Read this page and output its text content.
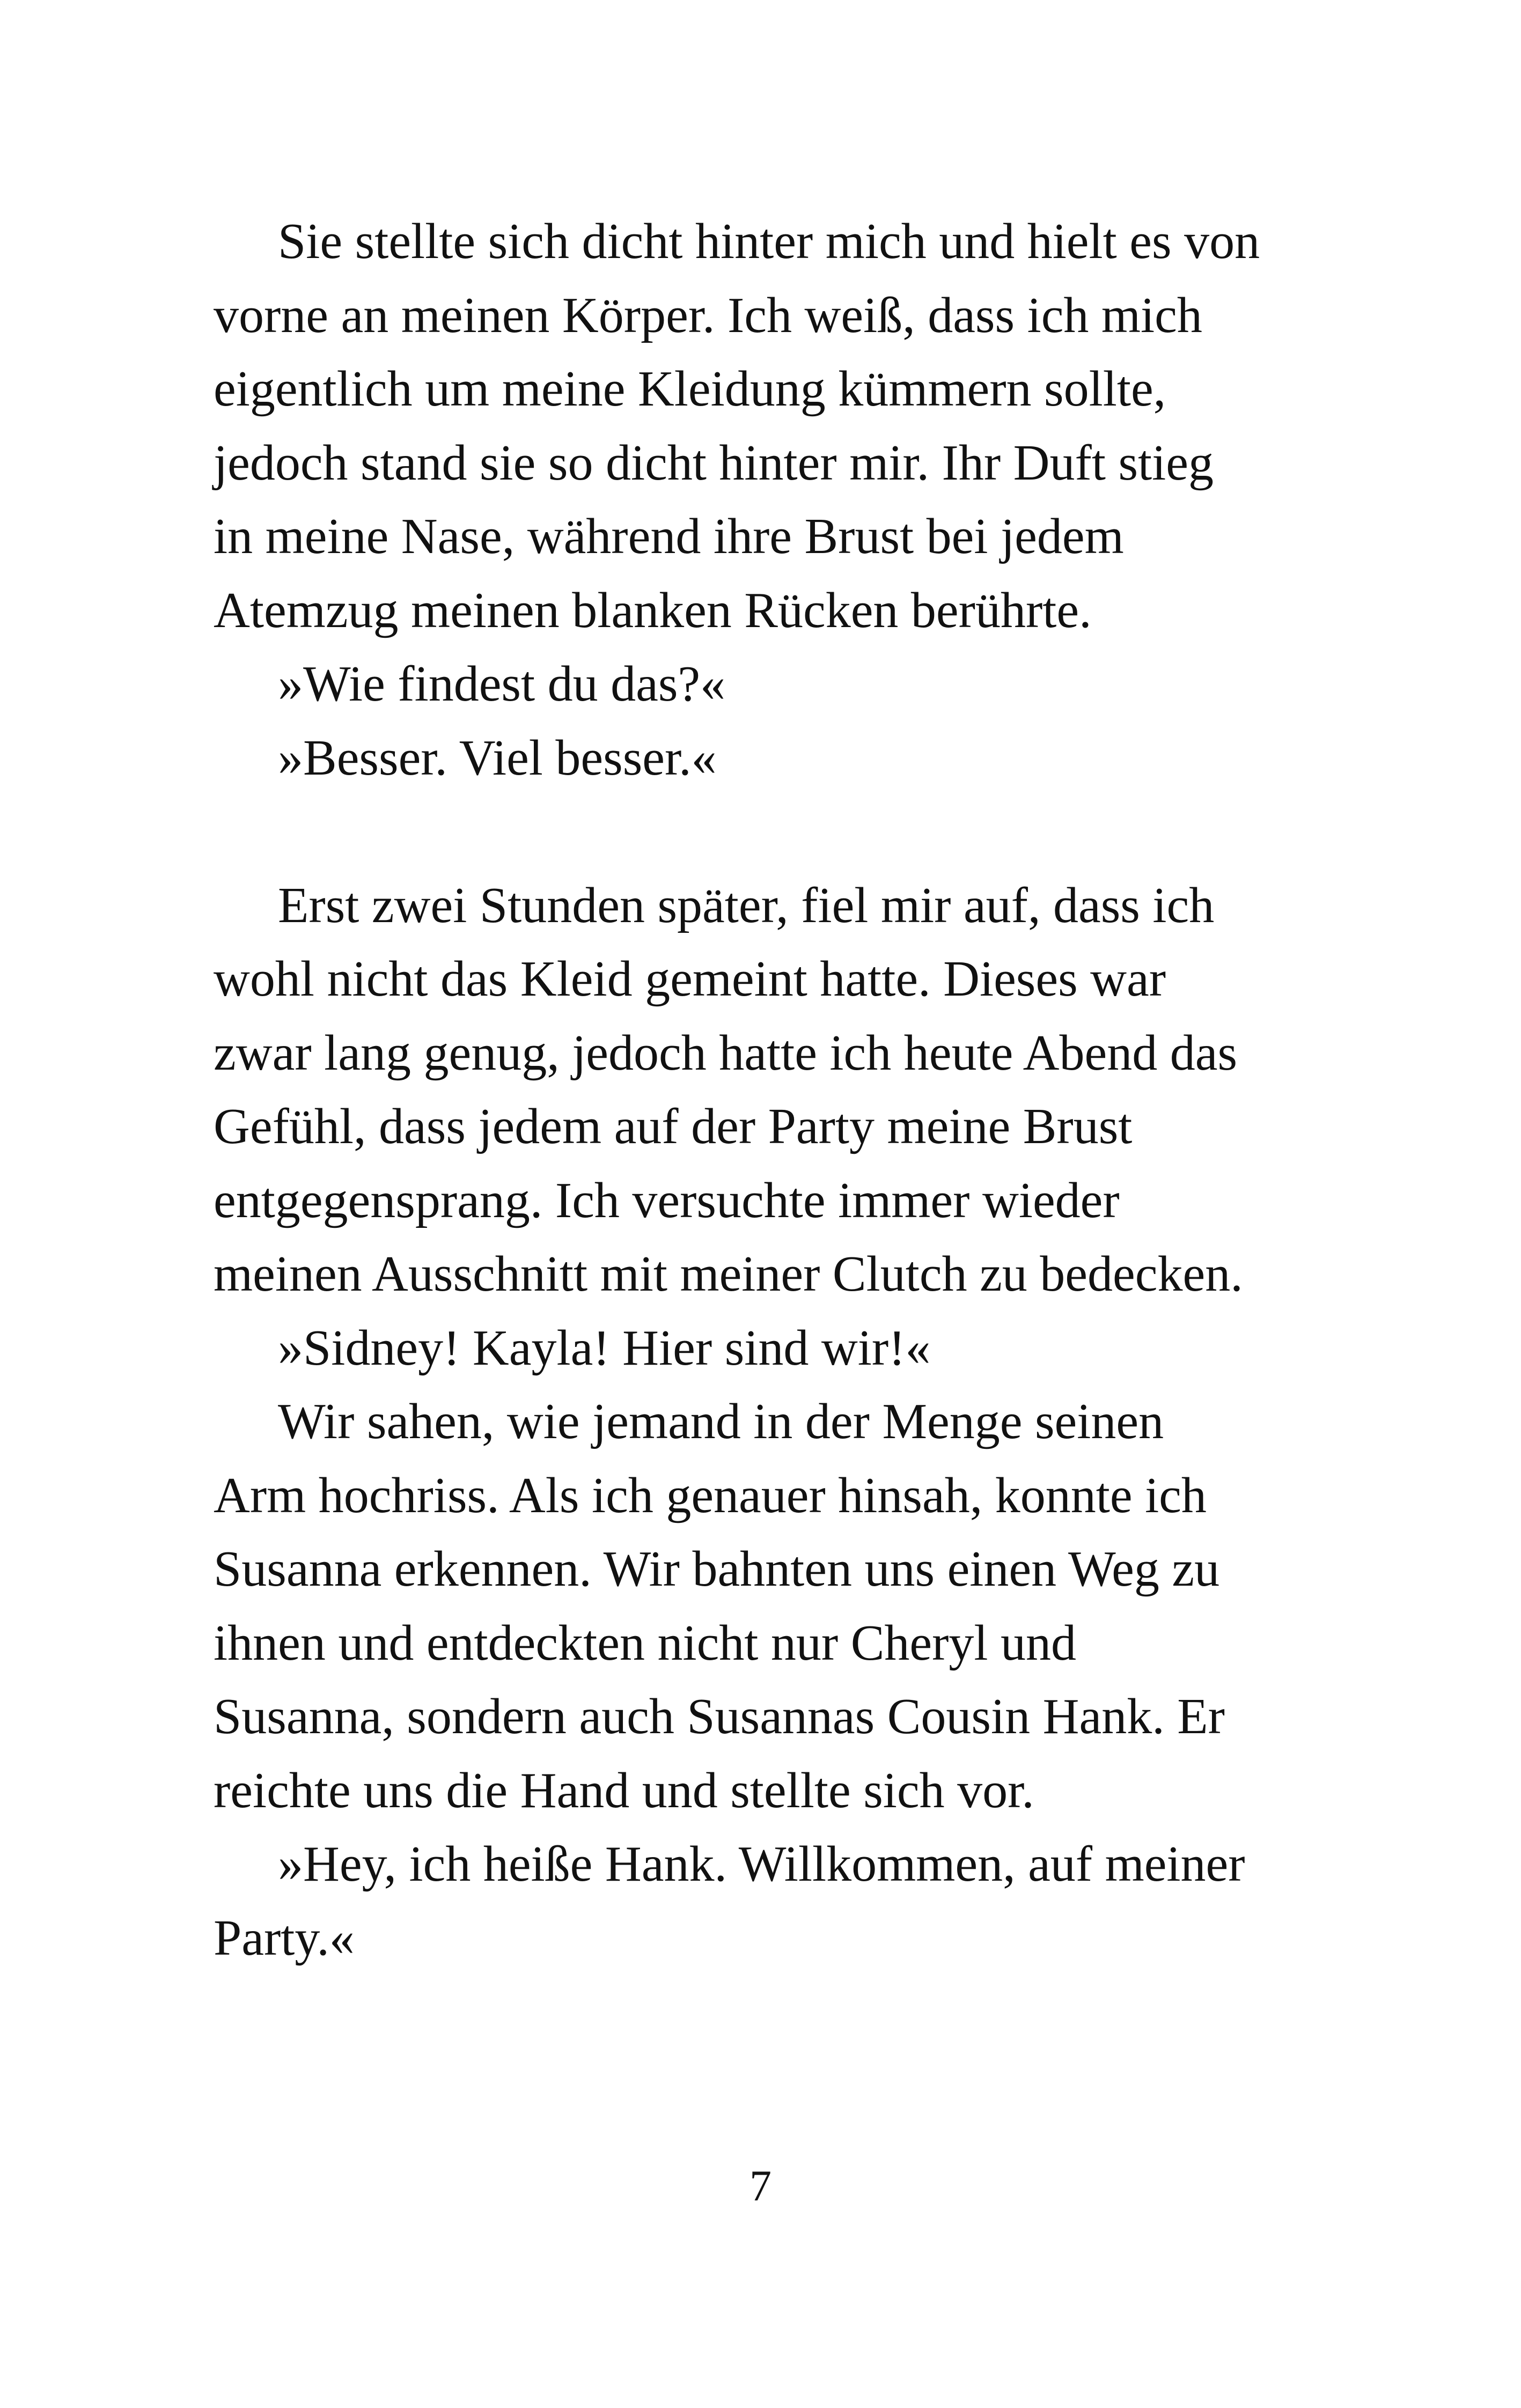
Sie stellte sich dicht hinter mich und hielt es von
vorne an meinen Körper. Ich weiß, dass ich mich
eigentlich um meine Kleidung kümmern sollte,
jedoch stand sie so dicht hinter mir. Ihr Duft stieg
in meine Nase, während ihre Brust bei jedem
Atemzug meinen blanken Rücken berührte.
»Wie findest du das?«
»Besser. Viel besser.«
Erst zwei Stunden später, fiel mir auf, dass ich
wohl nicht das Kleid gemeint hatte. Dieses war
zwar lang genug, jedoch hatte ich heute Abend das
Gefühl, dass jedem auf der Party meine Brust
entgegensprang. Ich versuchte immer wieder
meinen Ausschnitt mit meiner Clutch zu bedecken.
»Sidney! Kayla! Hier sind wir!«
Wir sahen, wie jemand in der Menge seinen
Arm hochriss. Als ich genauer hinsah, konnte ich
Susanna erkennen. Wir bahnten uns einen Weg zu
ihnen und entdeckten nicht nur Cheryl und
Susanna, sondern auch Susannas Cousin Hank. Er
reichte uns die Hand und stellte sich vor.
»Hey, ich heiße Hank. Willkommen, auf meiner
Party.«
7
